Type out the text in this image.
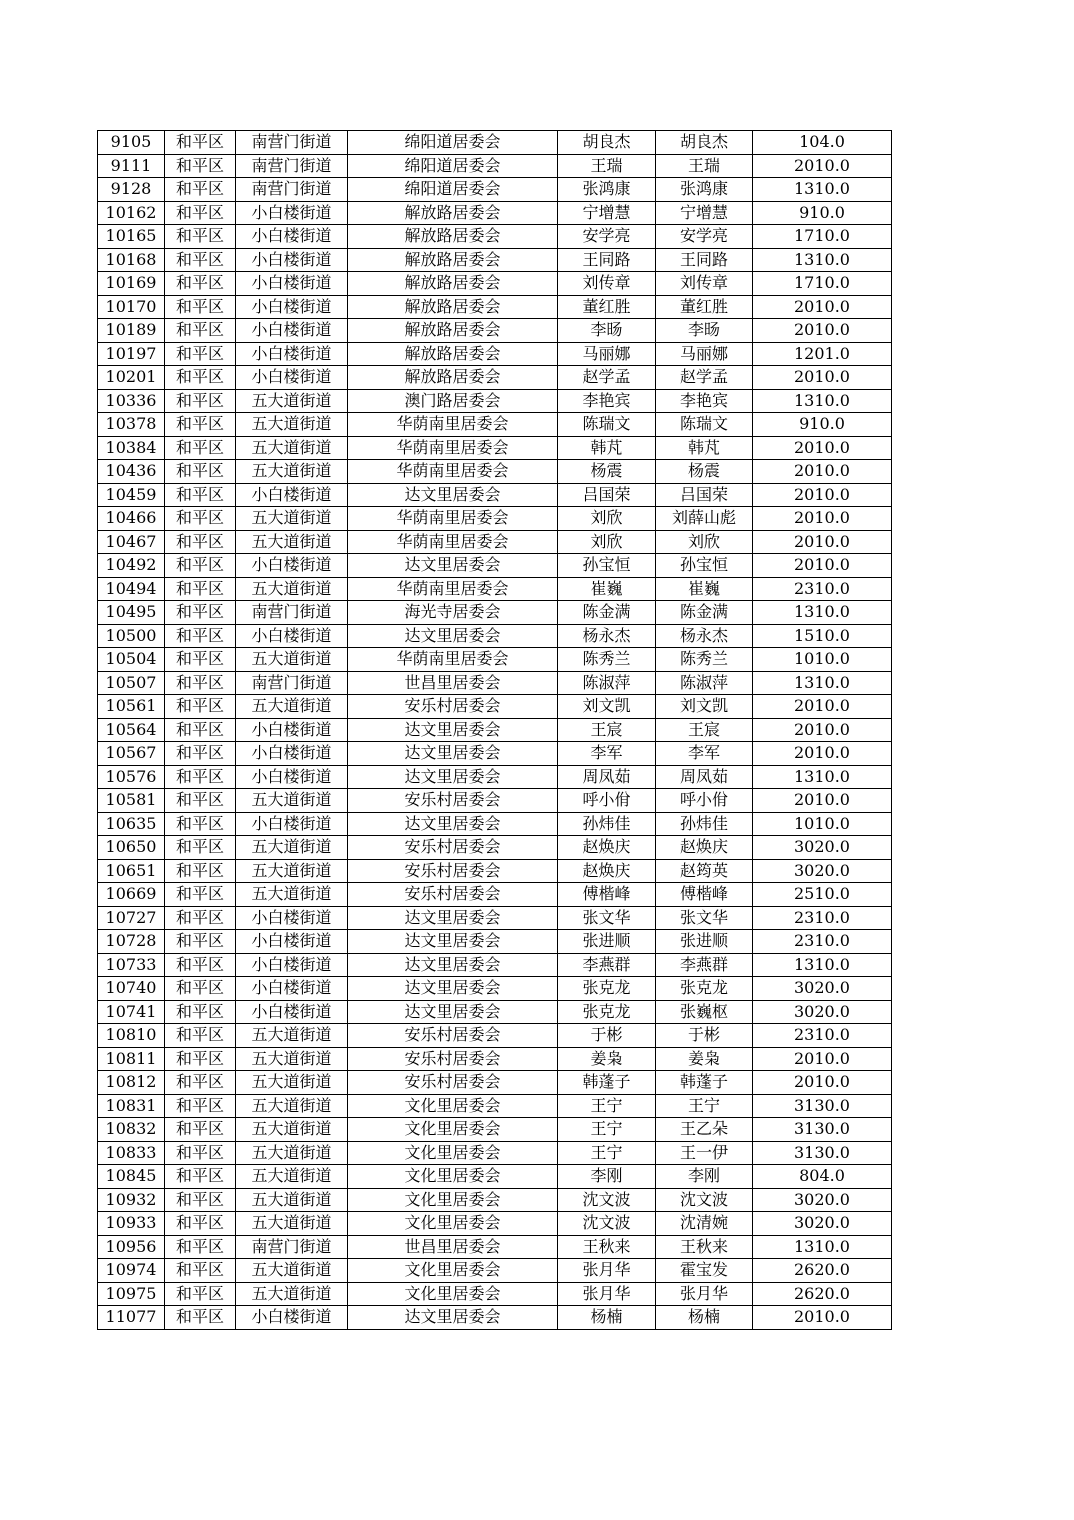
9105	和平区	南营门街道	绵阳道居委会	胡良杰	胡良杰	104.0
9111	和平区	南营门街道	绵阳道居委会	王瑞	王瑞	2010.0
9128	和平区	南营门街道	绵阳道居委会	张鸿康	张鸿康	1310.0
10162	和平区	小白楼街道	解放路居委会	宁增慧	宁增慧	910.0
10165	和平区	小白楼街道	解放路居委会	安学亮	安学亮	1710.0
10168	和平区	小白楼街道	解放路居委会	王同路	王同路	1310.0
10169	和平区	小白楼街道	解放路居委会	刘传章	刘传章	1710.0
10170	和平区	小白楼街道	解放路居委会	董红胜	董红胜	2010.0
10189	和平区	小白楼街道	解放路居委会	李旸	李旸	2010.0
10197	和平区	小白楼街道	解放路居委会	马丽娜	马丽娜	1201.0
10201	和平区	小白楼街道	解放路居委会	赵学孟	赵学孟	2010.0
10336	和平区	五大道街道	澳门路居委会	李艳宾	李艳宾	1310.0
10378	和平区	五大道街道	华荫南里居委会	陈瑞文	陈瑞文	910.0
10384	和平区	五大道街道	华荫南里居委会	韩芃	韩芃	2010.0
10436	和平区	五大道街道	华荫南里居委会	杨震	杨震	2010.0
10459	和平区	小白楼街道	达文里居委会	吕国荣	吕国荣	2010.0
10466	和平区	五大道街道	华荫南里居委会	刘欣	刘薛山彪	2010.0
10467	和平区	五大道街道	华荫南里居委会	刘欣	刘欣	2010.0
10492	和平区	小白楼街道	达文里居委会	孙宝恒	孙宝恒	2010.0
10494	和平区	五大道街道	华荫南里居委会	崔巍	崔巍	2310.0
10495	和平区	南营门街道	海光寺居委会	陈金满	陈金满	1310.0
10500	和平区	小白楼街道	达文里居委会	杨永杰	杨永杰	1510.0
10504	和平区	五大道街道	华荫南里居委会	陈秀兰	陈秀兰	1010.0
10507	和平区	南营门街道	世昌里居委会	陈淑萍	陈淑萍	1310.0
10561	和平区	五大道街道	安乐村居委会	刘文凯	刘文凯	2010.0
10564	和平区	小白楼街道	达文里居委会	王宸	王宸	2010.0
10567	和平区	小白楼街道	达文里居委会	李军	李军	2010.0
10576	和平区	小白楼街道	达文里居委会	周凤茹	周凤茹	1310.0
10581	和平区	五大道街道	安乐村居委会	呼小佾	呼小佾	2010.0
10635	和平区	小白楼街道	达文里居委会	孙炜佳	孙炜佳	1010.0
10650	和平区	五大道街道	安乐村居委会	赵焕庆	赵焕庆	3020.0
10651	和平区	五大道街道	安乐村居委会	赵焕庆	赵筠英	3020.0
10669	和平区	五大道街道	安乐村居委会	傅楷峰	傅楷峰	2510.0
10727	和平区	小白楼街道	达文里居委会	张文华	张文华	2310.0
10728	和平区	小白楼街道	达文里居委会	张进顺	张进顺	2310.0
10733	和平区	小白楼街道	达文里居委会	李燕群	李燕群	1310.0
10740	和平区	小白楼街道	达文里居委会	张克龙	张克龙	3020.0
10741	和平区	小白楼街道	达文里居委会	张克龙	张巍枢	3020.0
10810	和平区	五大道街道	安乐村居委会	于彬	于彬	2310.0
10811	和平区	五大道街道	安乐村居委会	姜枭	姜枭	2010.0
10812	和平区	五大道街道	安乐村居委会	韩蓬子	韩蓬子	2010.0
10831	和平区	五大道街道	文化里居委会	王宁	王宁	3130.0
10832	和平区	五大道街道	文化里居委会	王宁	王乙朵	3130.0
10833	和平区	五大道街道	文化里居委会	王宁	王一伊	3130.0
10845	和平区	五大道街道	文化里居委会	李刚	李刚	804.0
10932	和平区	五大道街道	文化里居委会	沈文波	沈文波	3020.0
10933	和平区	五大道街道	文化里居委会	沈文波	沈清婉	3020.0
10956	和平区	南营门街道	世昌里居委会	王秋来	王秋来	1310.0
10974	和平区	五大道街道	文化里居委会	张月华	霍宝发	2620.0
10975	和平区	五大道街道	文化里居委会	张月华	张月华	2620.0
11077	和平区	小白楼街道	达文里居委会	杨楠	杨楠	2010.0
